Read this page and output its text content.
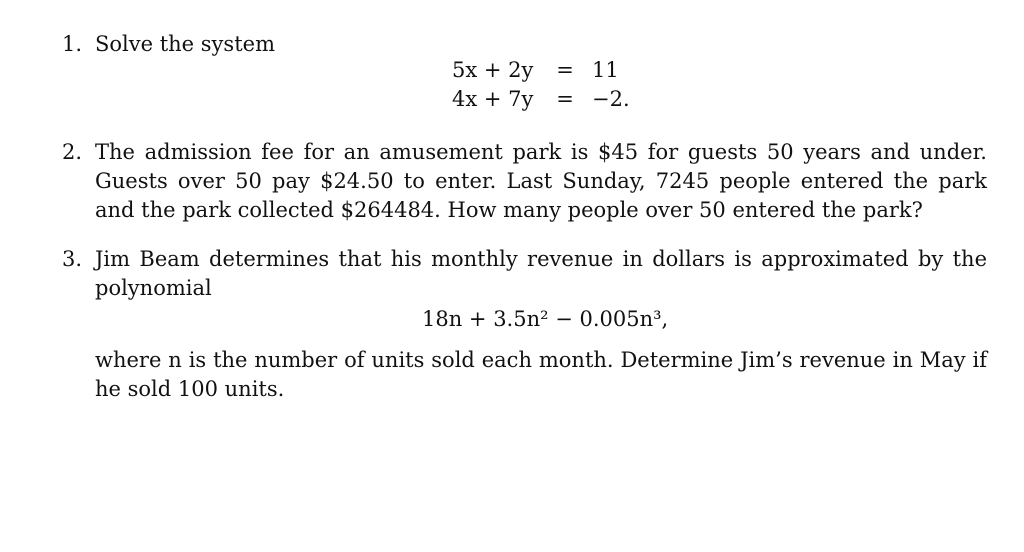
1. Solve the system
5x + 2y	= 11
4x + 7y	= −2.
2. The admission fee for an amusement park is $45 for guests 50 years and under. Guests over 50 pay $24.50 to enter. Last Sunday, 7245 people entered the park and the park collected $264484. How many people over 50 entered the park?
3. Jim Beam determines that his monthly revenue in dollars is approximated by the polynomial
18n + 3.5n² − 0.005n³,
where n is the number of units sold each month. Determine Jim’s revenue in May if he sold 100 units.
